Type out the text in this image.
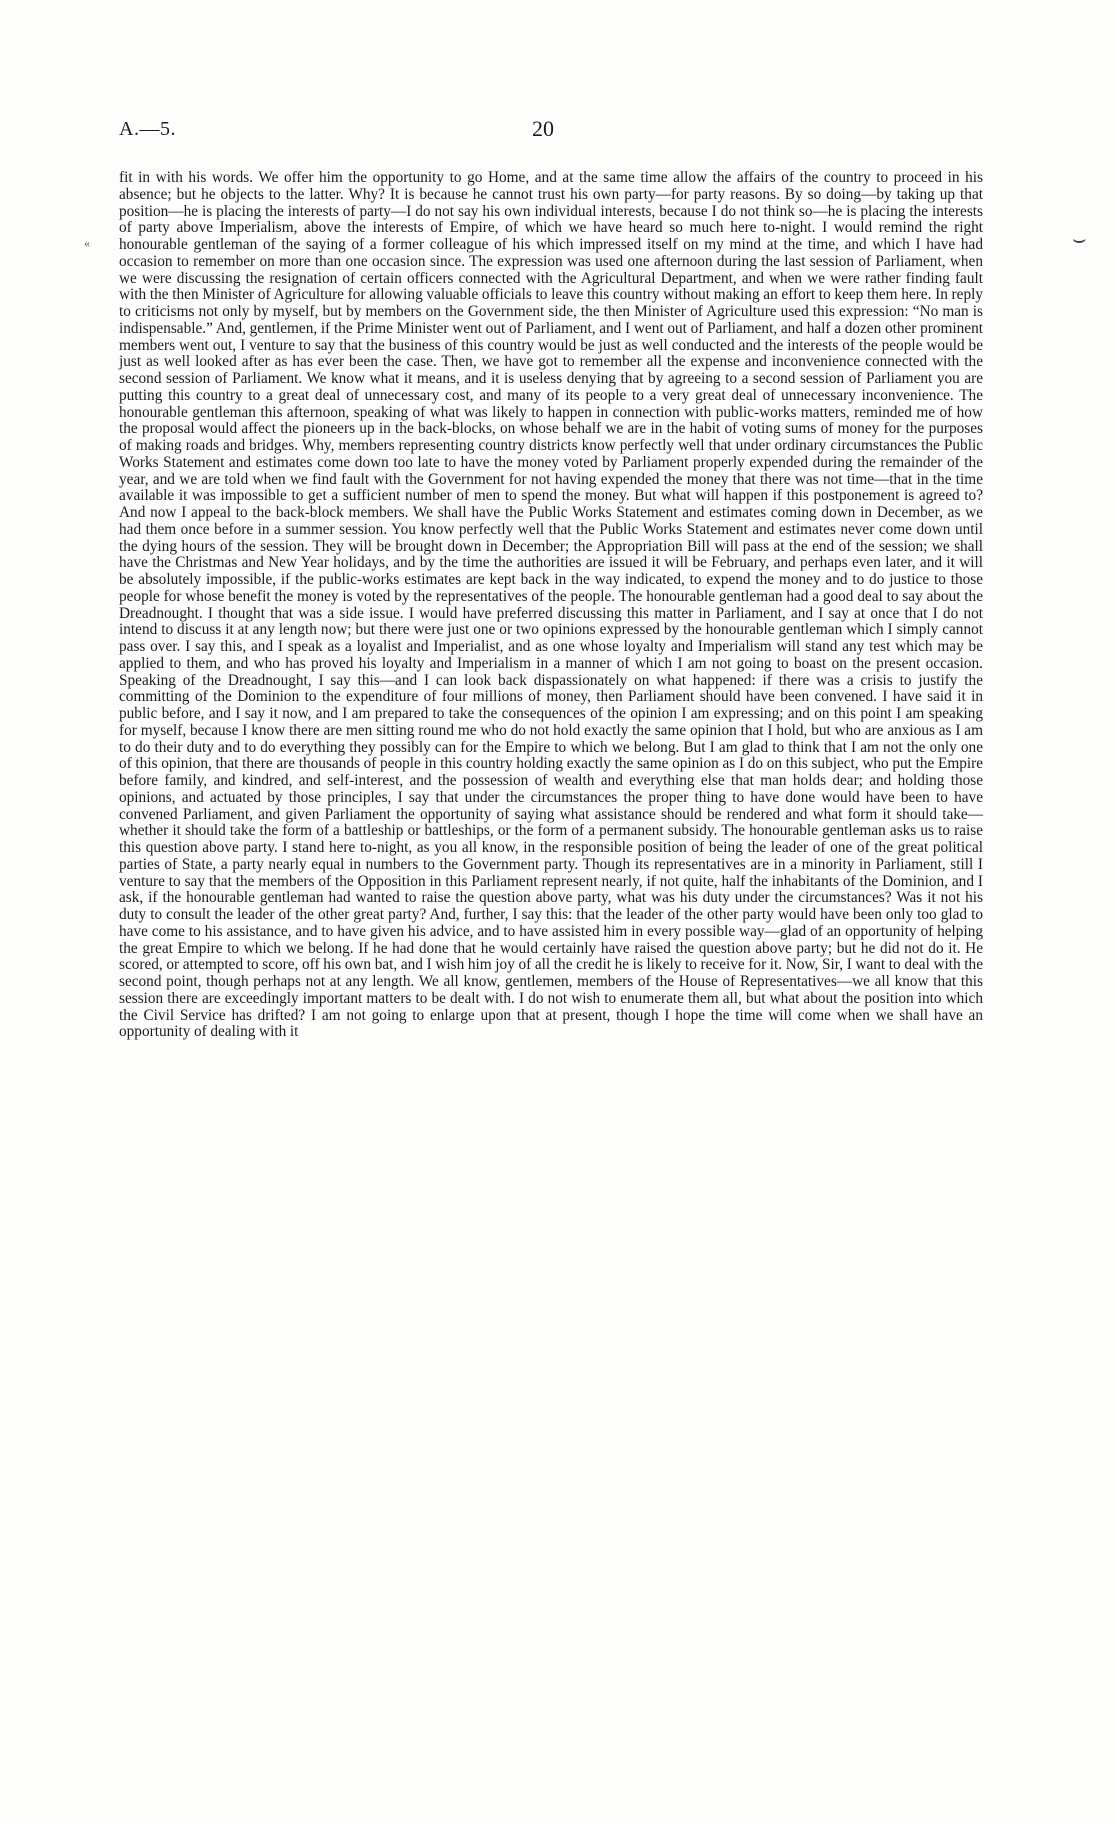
A.—5.	20
«	⌣

fit in with his words. We offer him the opportunity to go Home, and at the same time allow the affairs of the country to proceed in his absence; but he objects to the latter. Why? It is because he cannot trust his own party—for party reasons. By so doing—by taking up that position—he is placing the interests of party—I do not say his own individual interests, because I do not think so—he is placing the interests of party above Imperialism, above the interests of Empire, of which we have heard so much here to-night. I would remind the right honourable gentleman of the saying of a former colleague of his which impressed itself on my mind at the time, and which I have had occasion to remember on more than one occasion since. The expression was used one afternoon during the last session of Parliament, when we were discussing the resignation of certain officers connected with the Agricultural Department, and when we were rather finding fault with the then Minister of Agriculture for allowing valuable officials to leave this country without making an effort to keep them here. In reply to criticisms not only by myself, but by members on the Government side, the then Minister of Agriculture used this expression: “No man is indispensable.” And, gentlemen, if the Prime Minister went out of Parliament, and I went out of Parliament, and half a dozen other prominent members went out, I venture to say that the business of this country would be just as well conducted and the interests of the people would be just as well looked after as has ever been the case. Then, we have got to remember all the expense and inconvenience connected with the second session of Parliament. We know what it means, and it is useless denying that by agreeing to a second session of Parliament you are putting this country to a great deal of unnecessary cost, and many of its people to a very great deal of unnecessary inconvenience. The honourable gentleman this afternoon, speaking of what was likely to happen in connection with public-works matters, reminded me of how the proposal would affect the pioneers up in the back-blocks, on whose behalf we are in the habit of voting sums of money for the purposes of making roads and bridges. Why, members representing country districts know perfectly well that under ordinary circumstances the Public Works Statement and estimates come down too late to have the money voted by Parliament properly expended during the remainder of the year, and we are told when we find fault with the Government for not having expended the money that there was not time—that in the time available it was impossible to get a sufficient number of men to spend the money. But what will happen if this postponement is agreed to? And now I appeal to the back-block members. We shall have the Public Works Statement and estimates coming down in December, as we had them once before in a summer session. You know perfectly well that the Public Works Statement and estimates never come down until the dying hours of the session. They will be brought down in December; the Appropriation Bill will pass at the end of the session; we shall have the Christmas and New Year holidays, and by the time the authorities are issued it will be February, and perhaps even later, and it will be absolutely impossible, if the public-works estimates are kept back in the way indicated, to expend the money and to do justice to those people for whose benefit the money is voted by the representatives of the people. The honourable gentleman had a good deal to say about the Dreadnought. I thought that was a side issue. I would have preferred discussing this matter in Parliament, and I say at once that I do not intend to discuss it at any length now; but there were just one or two opinions expressed by the honourable gentleman which I simply cannot pass over. I say this, and I speak as a loyalist and Imperialist, and as one whose loyalty and Imperialism will stand any test which may be applied to them, and who has proved his loyalty and Imperialism in a manner of which I am not going to boast on the present occasion. Speaking of the Dreadnought, I say this—and I can look back dispassionately on what happened: if there was a crisis to justify the committing of the Dominion to the expenditure of four millions of money, then Parliament should have been convened. I have said it in public before, and I say it now, and I am prepared to take the consequences of the opinion I am expressing; and on this point I am speaking for myself, because I know there are men sitting round me who do not hold exactly the same opinion that I hold, but who are anxious as I am to do their duty and to do everything they possibly can for the Empire to which we belong. But I am glad to think that I am not the only one of this opinion, that there are thousands of people in this country holding exactly the same opinion as I do on this subject, who put the Empire before family, and kindred, and self-interest, and the possession of wealth and everything else that man holds dear; and holding those opinions, and actuated by those principles, I say that under the circumstances the proper thing to have done would have been to have convened Parliament, and given Parliament the opportunity of saying what assistance should be rendered and what form it should take—whether it should take the form of a battleship or battleships, or the form of a permanent subsidy. The honourable gentleman asks us to raise this question above party. I stand here to-night, as you all know, in the responsible position of being the leader of one of the great political parties of State, a party nearly equal in numbers to the Government party. Though its representatives are in a minority in Parliament, still I venture to say that the members of the Opposition in this Parliament represent nearly, if not quite, half the inhabitants of the Dominion, and I ask, if the honourable gentleman had wanted to raise the question above party, what was his duty under the circumstances? Was it not his duty to consult the leader of the other great party? And, further, I say this: that the leader of the other party would have been only too glad to have come to his assistance, and to have given his advice, and to have assisted him in every possible way—glad of an opportunity of helping the great Empire to which we belong. If he had done that he would certainly have raised the question above party; but he did not do it. He scored, or attempted to score, off his own bat, and I wish him joy of all the credit he is likely to receive for it. Now, Sir, I want to deal with the second point, though perhaps not at any length. We all know, gentlemen, members of the House of Representatives—we all know that this session there are exceedingly important matters to be dealt with. I do not wish to enumerate them all, but what about the position into which the Civil Service has drifted? I am not going to enlarge upon that at present, though I hope the time will come when we shall have an opportunity of dealing with it
